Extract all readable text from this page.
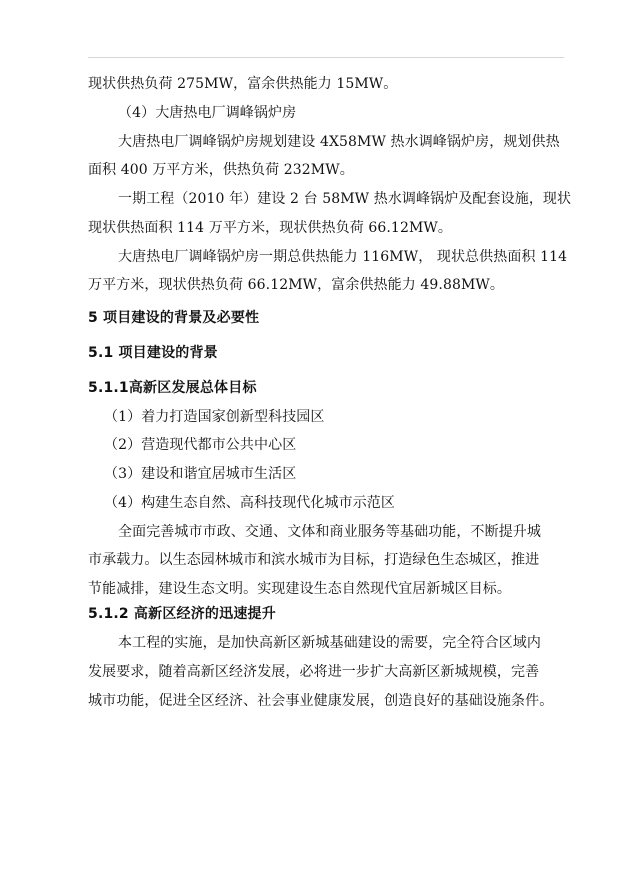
现状供热负荷 275MW，富余供热能力 15MW。
（4）大唐热电厂调峰锅炉房
大唐热电厂调峰锅炉房规划建设 4X58MW 热水调峰锅炉房，规划供热
面积 400 万平方米，供热负荷 232MW。
一期工程（2010 年）建设 2 台 58MW 热水调峰锅炉及配套设施，现状
现状供热面积 114 万平方米，现状供热负荷 66.12MW。
大唐热电厂调峰锅炉房一期总供热能力 116MW， 现状总供热面积 114
万平方米，现状供热负荷 66.12MW，富余供热能力 49.88MW。
5 项目建设的背景及必要性
5.1 项目建设的背景
5.1.1高新区发展总体目标
（1）着力打造国家创新型科技园区
（2）营造现代都市公共中心区
（3）建设和谐宜居城市生活区
（4）构建生态自然、高科技现代化城市示范区
全面完善城市市政、交通、文体和商业服务等基础功能，不断提升城
市承载力。以生态园林城市和滨水城市为目标，打造绿色生态城区，推进
节能减排，建设生态文明。实现建设生态自然现代宜居新城区目标。
5.1.2 高新区经济的迅速提升
本工程的实施，是加快高新区新城基础建设的需要，完全符合区域内
发展要求，随着高新区经济发展，必将进一步扩大高新区新城规模，完善
城市功能，促进全区经济、社会事业健康发展，创造良好的基础设施条件。
